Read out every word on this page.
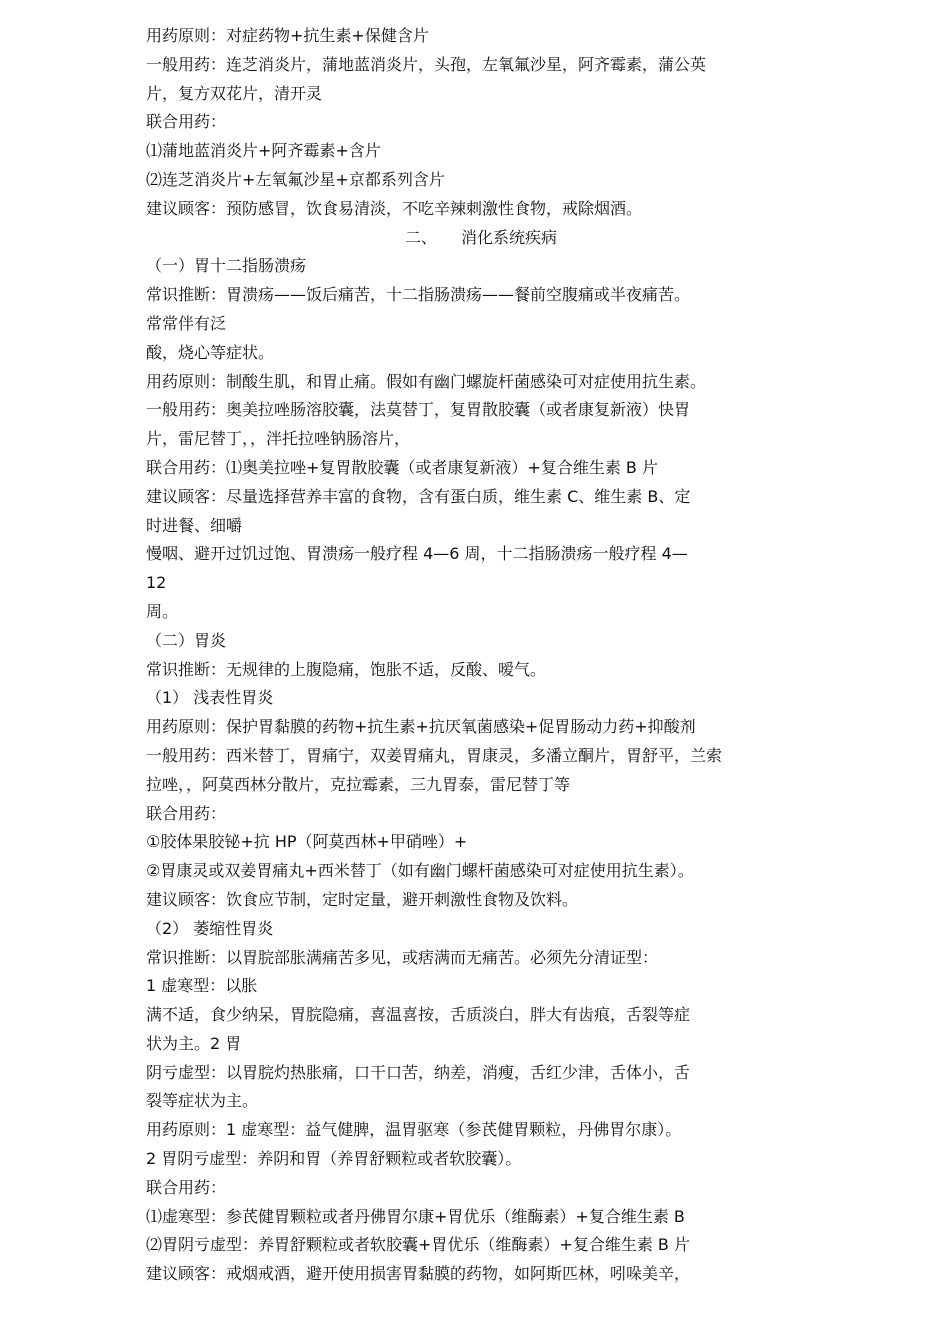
用药原则：对症药物+抗生素+保健含片
一般用药：连芝消炎片，蒲地蓝消炎片，头孢，左氧氟沙星，阿齐霉素，蒲公英
片，复方双花片，清开灵
联合用药：
⑴蒲地蓝消炎片+阿齐霉素+含片
⑵连芝消炎片+左氧氟沙星+京都系列含片
建议顾客：预防感冒，饮食易清淡，不吃辛辣刺激性食物，戒除烟酒。
二、　　消化系统疾病
（一）胃十二指肠溃疡
常识推断：胃溃疡——饭后痛苦，十二指肠溃疡——餐前空腹痛或半夜痛苦。
常常伴有泛
酸，烧心等症状。
用药原则：制酸生肌，和胃止痛。假如有幽门螺旋杆菌感染可对症使用抗生素。
一般用药：奥美拉唑肠溶胶囊，法莫替丁，复胃散胶囊（或者康复新液）快胃
片，雷尼替丁，，泮托拉唑钠肠溶片，
联合用药：⑴奥美拉唑+复胃散胶囊（或者康复新液）+复合维生素 B 片
建议顾客：尽量选择营养丰富的食物，含有蛋白质，维生素 C、维生素 B、定
时进餐、细嚼
慢咽、避开过饥过饱、胃溃疡一般疗程 4—6 周，十二指肠溃疡一般疗程 4—
12
周。
（二）胃炎
常识推断：无规律的上腹隐痛，饱胀不适，反酸、嗳气。
（1） 浅表性胃炎
用药原则：保护胃黏膜的药物+抗生素+抗厌氧菌感染+促胃肠动力药+抑酸剂
一般用药：西米替丁，胃痛宁，双姜胃痛丸，胃康灵，多潘立酮片，胃舒平，兰索
拉唑，，阿莫西林分散片，克拉霉素，三九胃泰，雷尼替丁等
联合用药：
①胶体果胶铋+抗 HP（阿莫西林+甲硝唑）+
②胃康灵或双姜胃痛丸+西米替丁（如有幽门螺杆菌感染可对症使用抗生素）。
建议顾客：饮食应节制，定时定量，避开刺激性食物及饮料。
（2） 萎缩性胃炎
常识推断：以胃脘部胀满痛苦多见，或痞满而无痛苦。必须先分清证型：
1 虚寒型：以胀
满不适，食少纳呆，胃脘隐痛，喜温喜按，舌质淡白，胖大有齿痕，舌裂等症
状为主。2 胃
阴亏虚型：以胃脘灼热胀痛，口干口苦，纳差，消瘦，舌红少津，舌体小，舌
裂等症状为主。
用药原则：1 虚寒型：益气健脾，温胃驱寒（参芪健胃颗粒，丹佛胃尔康）。
2 胃阴亏虚型：养阴和胃（养胃舒颗粒或者软胶囊）。
联合用药：
⑴虚寒型：参芪健胃颗粒或者丹佛胃尔康+胃优乐（维酶素）+复合维生素 B
⑵胃阴亏虚型：养胃舒颗粒或者软胶囊+胃优乐（维酶素）+复合维生素 B 片
建议顾客：戒烟戒酒，避开使用损害胃黏膜的药物，如阿斯匹林，吲哚美辛，
